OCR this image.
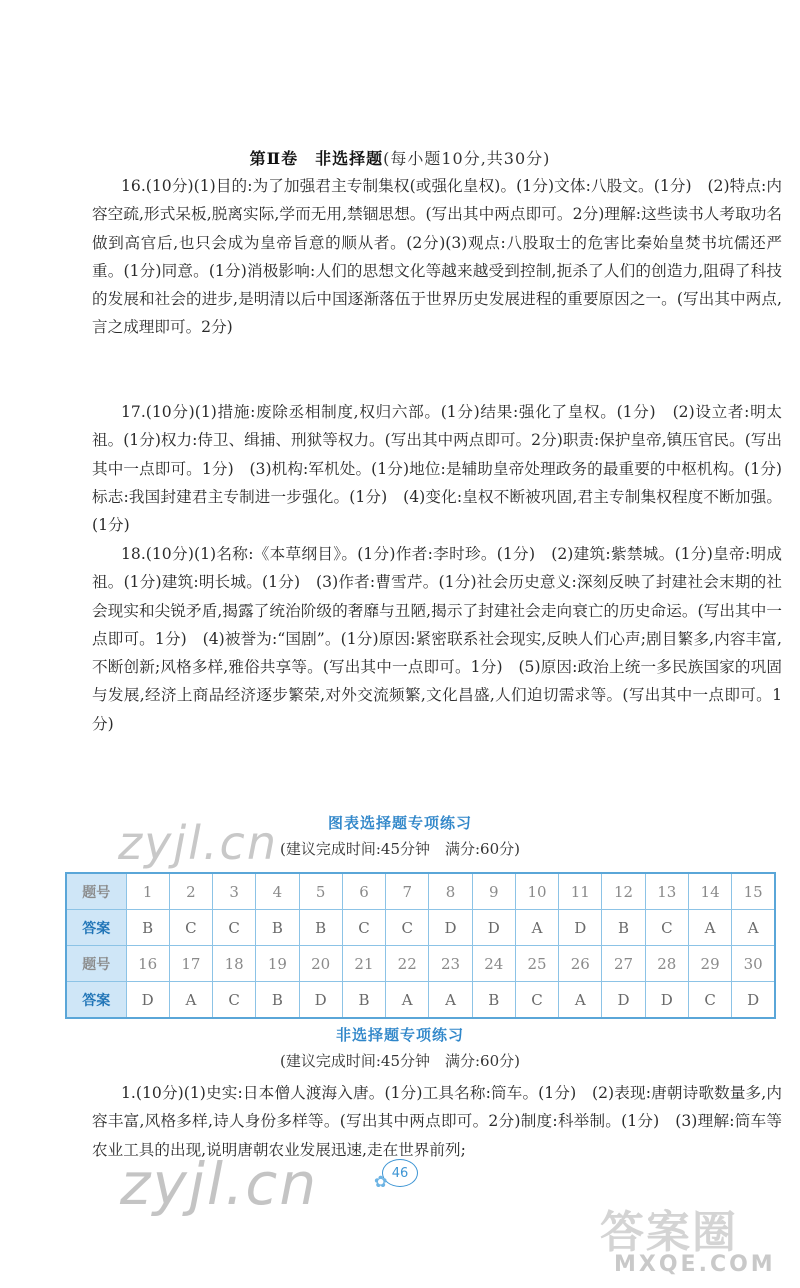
第Ⅱ卷　非选择题(每小题10分,共30分)
16.(10分)(1)目的:为了加强君主专制集权(或强化皇权)。(1分)文体:八股文。(1分)　(2)特点:内容空疏,形式呆板,脱离实际,学而无用,禁锢思想。(写出其中两点即可。2分)理解:这些读书人考取功名做到高官后,也只会成为皇帝旨意的顺从者。(2分)(3)观点:八股取士的危害比秦始皇焚书坑儒还严重。(1分)同意。(1分)消极影响:人们的思想文化等越来越受到控制,扼杀了人们的创造力,阻碍了科技的发展和社会的进步,是明清以后中国逐渐落伍于世界历史发展进程的重要原因之一。(写出其中两点,言之成理即可。2分)
17.(10分)(1)措施:废除丞相制度,权归六部。(1分)结果:强化了皇权。(1分)　(2)设立者:明太祖。(1分)权力:侍卫、缉捕、刑狱等权力。(写出其中两点即可。2分)职责:保护皇帝,镇压官民。(写出其中一点即可。1分)　(3)机构:军机处。(1分)地位:是辅助皇帝处理政务的最重要的中枢机构。(1分)标志:我国封建君主专制进一步强化。(1分)　(4)变化:皇权不断被巩固,君主专制集权程度不断加强。(1分)
18.(10分)(1)名称:《本草纲目》。(1分)作者:李时珍。(1分)　(2)建筑:紫禁城。(1分)皇帝:明成祖。(1分)建筑:明长城。(1分)　(3)作者:曹雪芹。(1分)社会历史意义:深刻反映了封建社会末期的社会现实和尖锐矛盾,揭露了统治阶级的奢靡与丑陋,揭示了封建社会走向衰亡的历史命运。(写出其中一点即可。1分)　(4)被誉为:“国剧”。(1分)原因:紧密联系社会现实,反映人们心声;剧目繁多,内容丰富,不断创新;风格多样,雅俗共享等。(写出其中一点即可。1分)　(5)原因:政治上统一多民族国家的巩固与发展,经济上商品经济逐步繁荣,对外交流频繁,文化昌盛,人们迫切需求等。(写出其中一点即可。1分)
图表选择题专项练习
(建议完成时间:45分钟　满分:60分)
zyjl.cn
题号	1	2	3	4	5	6	7	8	9	10	11	12	13	14	15
答案	B	C	C	B	B	C	C	D	D	A	D	B	C	A	A
题号	16	17	18	19	20	21	22	23	24	25	26	27	28	29	30
答案	D	A	C	B	D	B	A	A	B	C	A	D	D	C	D
非选择题专项练习
(建议完成时间:45分钟　满分:60分)
1.(10分)(1)史实:日本僧人渡海入唐。(1分)工具名称:筒车。(1分)　(2)表现:唐朝诗歌数量多,内容丰富,风格多样,诗人身份多样等。(写出其中两点即可。2分)制度:科举制。(1分)　(3)理解:筒车等农业工具的出现,说明唐朝农业发展迅速,走在世界前列;
zyjl.cn	✿ 46
答案圈
MXQE.COM
